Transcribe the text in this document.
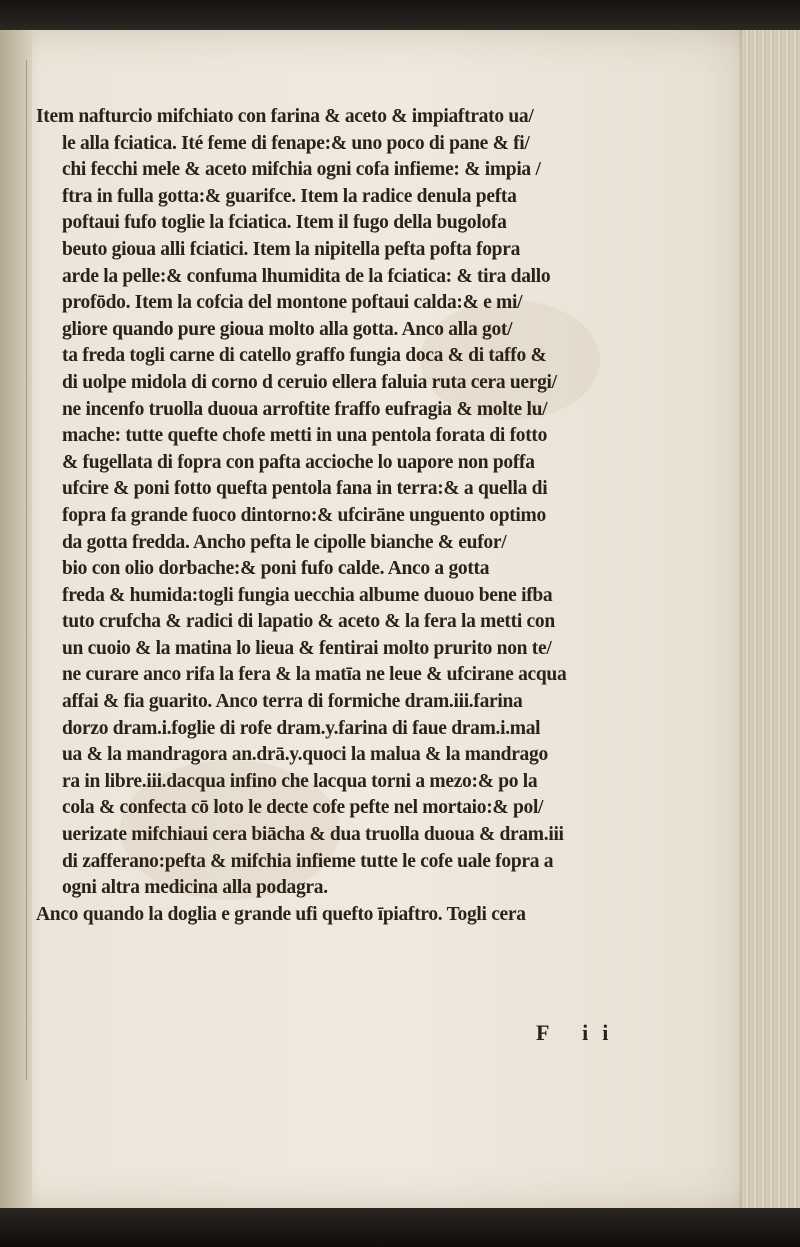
Item nafturcio mifchiato con farina & aceto & impiaftrato ua/
le alla fciatica. Ité feme di fenape:& uno poco di pane & fi/
chi fecchi mele & aceto mifchia ogni cofa infieme: & impia /
ftra in fulla gotta:& guarifce. Item la radice denula pefta
poftaui fufo toglie la fciatica. Item il fugo della bugolofa
beuto gioua alli fciatici. Item la nipitella pefta pofta fopra
arde la pelle:& confuma lhumidita de la fciatica: & tira dallo
profōdo. Item la cofcia del montone poftaui calda:& e mi/
gliore quando pure gioua molto alla gotta. Anco alla got/
ta freda togli carne di catello graffo fungia doca & di taffo &
di uolpe midola di corno d ceruio ellera faluia ruta cera uergi/
ne incenfo truolla duoua arroftite fraffo eufragia & molte lu/
mache: tutte quefte chofe metti in una pentola forata di fotto
& fugellata di fopra con pafta accioche lo uapore non poffa
ufcire & poni fotto quefta pentola fana in terra:& a quella di
fopra fa grande fuoco dintorno:& ufcirāne unguento optimo
da gotta fredda. Ancho pefta le cipolle bianche & eufor/
bio con olio dorbache:& poni fufo calde. Anco a gotta
freda & humida:togli fungia uecchia albume duouo bene ifba
tuto crufcha & radici di lapatio & aceto & la fera la metti con
un cuoio & la matina lo lieua & fentirai molto prurito non te/
ne curare anco rifa la fera & la matīa ne leue & ufcirane acqua
affai & fia guarito. Anco terra di formiche dram.iii.farina
dorzo dram.i.foglie di rofe dram.y.farina di faue dram.i.mal
ua & la mandragora an.drā.y.quoci la malua & la mandrago
ra in libre.iii.dacqua infino che lacqua torni a mezo:& po la
cola & confecta cō loto le decte cofe pefte nel mortaio:& pol/
uerizate mifchiaui cera biācha & dua truolla duoua & dram.iii
di zafferano:pefta & mifchia infieme tutte le cofe uale fopra a
ogni altra medicina alla podagra.
Anco quando la doglia e grande ufi quefto īpiaftro. Togli cera
F ii
